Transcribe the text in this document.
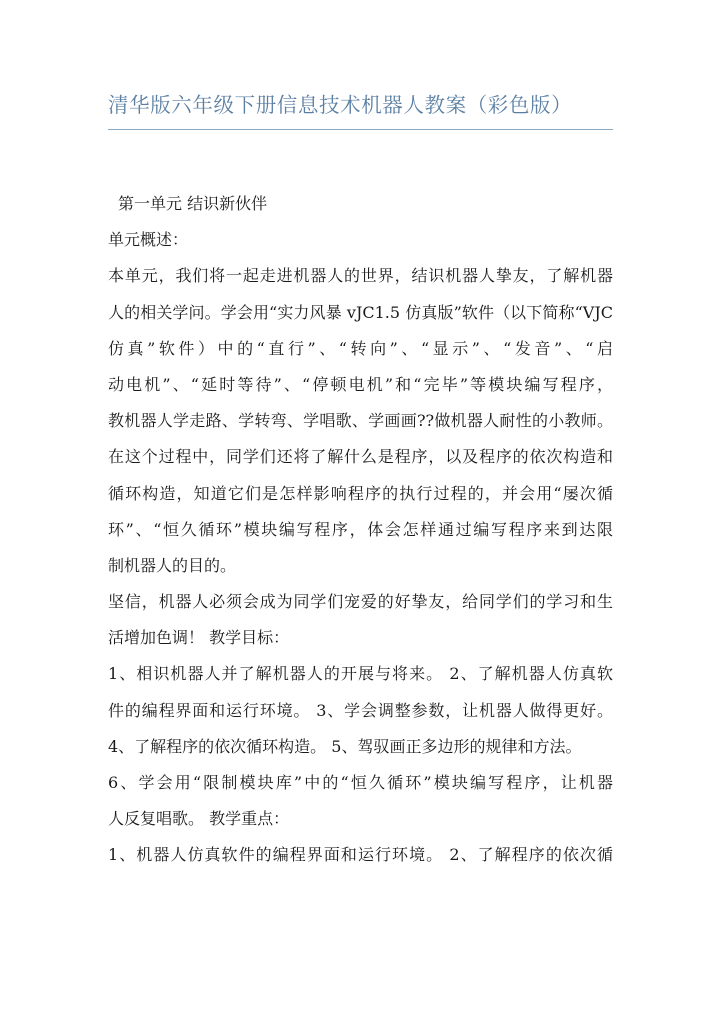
清华版六年级下册信息技术机器人教案（彩色版）
第一单元 结识新伙伴
单元概述：
本单元，我们将一起走进机器人的世界，结识机器人挚友，了解机器
人的相关学问。学会用“实力风暴 vJC1.5 仿真版”软件（以下简称“VJC
仿真”软件）中的“直行”、“转向”、“显示”、“发音”、“启
动电机”、“延时等待”、“停顿电机”和“完毕”等模块编写程序，
教机器人学走路、学转弯、学唱歌、学画画??做机器人耐性的小教师。
在这个过程中，同学们还将了解什么是程序，以及程序的依次构造和
循环构造，知道它们是怎样影响程序的执行过程的，并会用“屡次循
环”、“恒久循环”模块编写程序，体会怎样通过编写程序来到达限
制机器人的目的。
坚信，机器人必须会成为同学们宠爱的好挚友，给同学们的学习和生
活增加色调！ 教学目标：
1、相识机器人并了解机器人的开展与将来。 2、了解机器人仿真软
件的编程界面和运行环境。 3、学会调整参数，让机器人做得更好。
4、了解程序的依次循环构造。 5、驾驭画正多边形的规律和方法。
6、学会用“限制模块库”中的“恒久循环”模块编写程序，让机器
人反复唱歌。 教学重点：
1、机器人仿真软件的编程界面和运行环境。 2、了解程序的依次循
